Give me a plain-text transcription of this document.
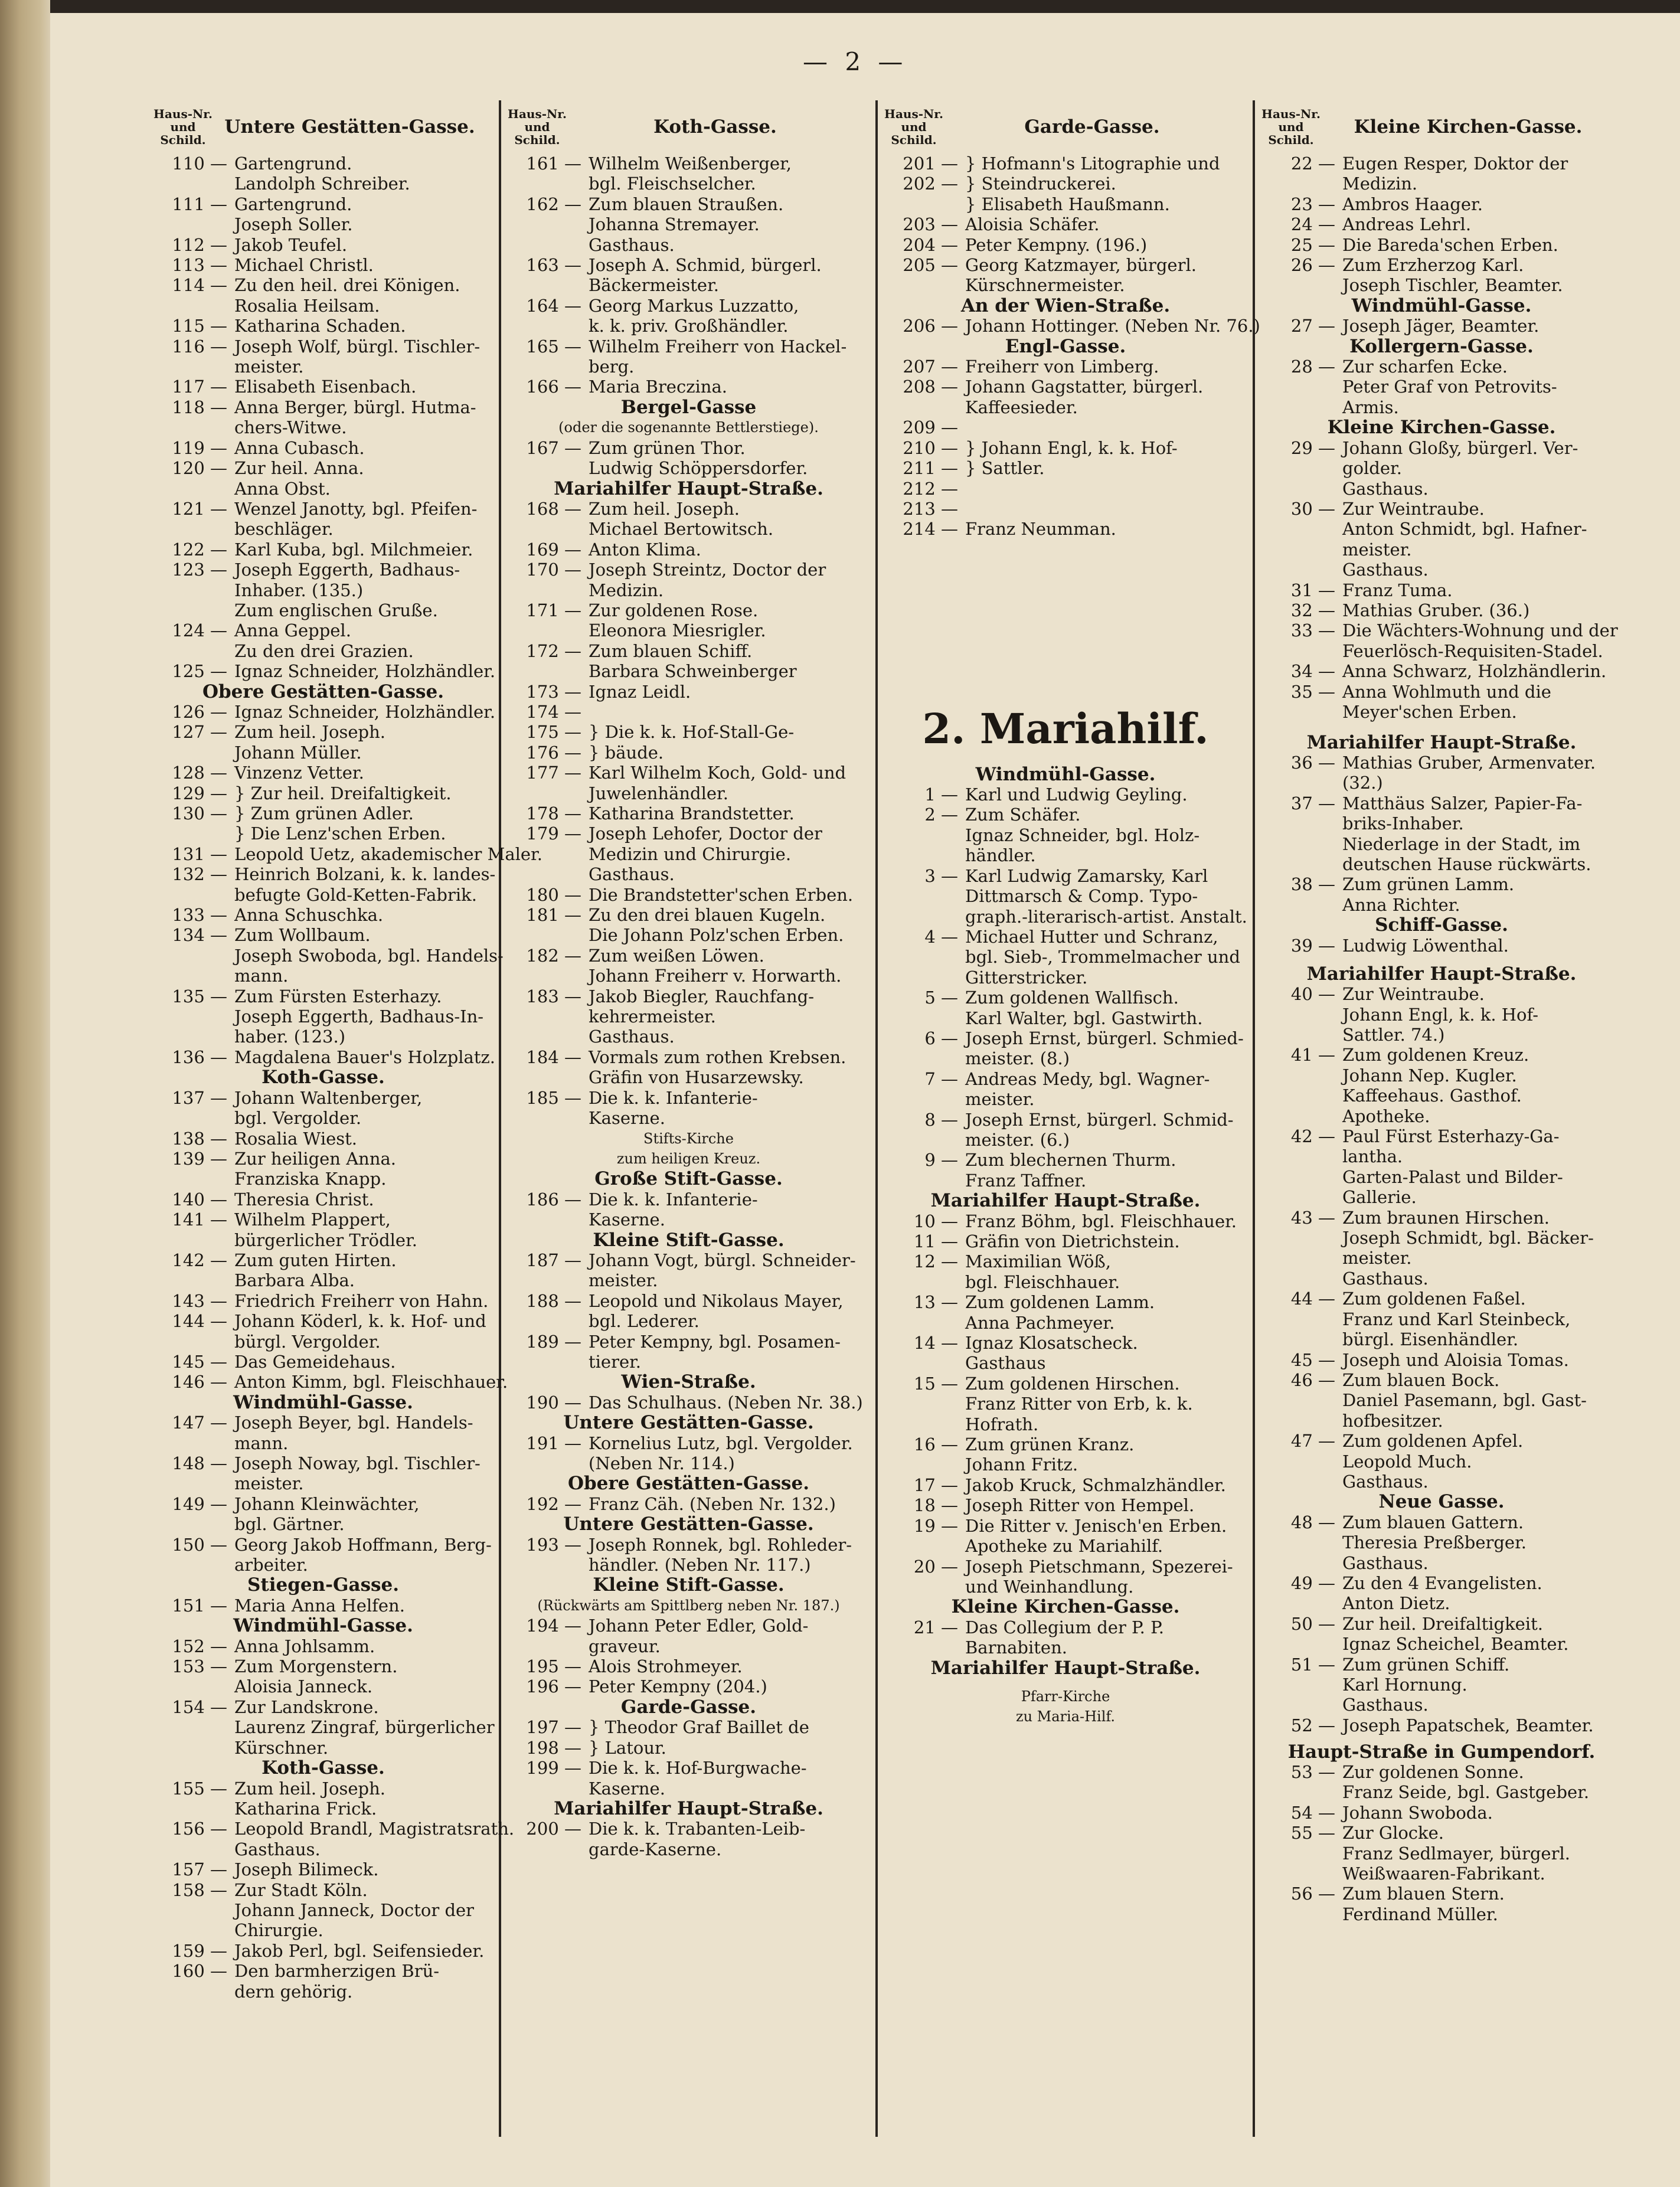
— 2 —
Haus-Nr. und Schild.
Untere Gestätten-Gasse.
110 — Gartengrund.
Landolph Schreiber.
111 — Gartengrund.
Joseph Soller.
112 — Jakob Teufel.
113 — Michael Christl.
114 — Zu den heil. drei Königen.
Rosalia Heilsam.
115 — Katharina Schaden.
116 — Joseph Wolf, bürgl. Tischler-
meister.
117 — Elisabeth Eisenbach.
118 — Anna Berger, bürgl. Hutma-
chers-Witwe.
119 — Anna Cubasch.
120 — Zur heil. Anna.
Anna Obst.
121 — Wenzel Janotty, bgl. Pfeifen-
beschläger.
122 — Karl Kuba, bgl. Milchmeier.
123 — Joseph Eggerth, Badhaus-
Inhaber. (135.)
Zum englischen Gruße.
124 — Anna Geppel.
Zu den drei Grazien.
125 — Ignaz Schneider, Holzhändler.
Obere Gestätten-Gasse.
126 — Ignaz Schneider, Holzhändler.
127 — Zum heil. Joseph.
Johann Müller.
128 — Vinzenz Vetter.
129 — } Zur heil. Dreifaltigkeit.
130 — } Zum grünen Adler.
} Die Lenz'schen Erben.
131 — Leopold Uetz, akademischer Maler.
132 — Heinrich Bolzani, k. k. landes-
befugte Gold-Ketten-Fabrik.
133 — Anna Schuschka.
134 — Zum Wollbaum.
Joseph Swoboda, bgl. Handels-
mann.
135 — Zum Fürsten Esterhazy.
Joseph Eggerth, Badhaus-In-
haber. (123.)
136 — Magdalena Bauer's Holzplatz.
Koth-Gasse.
137 — Johann Waltenberger,
bgl. Vergolder.
138 — Rosalia Wiest.
139 — Zur heiligen Anna.
Franziska Knapp.
140 — Theresia Christ.
141 — Wilhelm Plappert,
bürgerlicher Trödler.
142 — Zum guten Hirten.
Barbara Alba.
143 — Friedrich Freiherr von Hahn.
144 — Johann Köderl, k. k. Hof- und
bürgl. Vergolder.
145 — Das Gemeidehaus.
146 — Anton Kimm, bgl. Fleischhauer.
Windmühl-Gasse.
147 — Joseph Beyer, bgl. Handels-
mann.
148 — Joseph Noway, bgl. Tischler-
meister.
149 — Johann Kleinwächter,
bgl. Gärtner.
150 — Georg Jakob Hoffmann, Berg-
arbeiter.
Stiegen-Gasse.
151 — Maria Anna Helfen.
Windmühl-Gasse.
152 — Anna Johlsamm.
153 — Zum Morgenstern.
Aloisia Janneck.
154 — Zur Landskrone.
Laurenz Zingraf, bürgerlicher
Kürschner.
Koth-Gasse.
155 — Zum heil. Joseph.
Katharina Frick.
156 — Leopold Brandl, Magistratsrath.
Gasthaus.
157 — Joseph Bilimeck.
158 — Zur Stadt Köln.
Johann Janneck, Doctor der
Chirurgie.
159 — Jakob Perl, bgl. Seifensieder.
160 — Den barmherzigen Brü-
dern gehörig.
Haus-Nr. und Schild.
Koth-Gasse.
161 — Wilhelm Weißenberger,
bgl. Fleischselcher.
162 — Zum blauen Straußen.
Johanna Stremayer.
Gasthaus.
163 — Joseph A. Schmid, bürgerl.
Bäckermeister.
164 — Georg Markus Luzzatto,
k. k. priv. Großhändler.
165 — Wilhelm Freiherr von Hackel-
berg.
166 — Maria Breczina.
Bergel-Gasse
(oder die sogenannte Bettlerstiege).
167 — Zum grünen Thor.
Ludwig Schöppersdorfer.
Mariahilfer Haupt-Straße.
168 — Zum heil. Joseph.
Michael Bertowitsch.
169 — Anton Klima.
170 — Joseph Streintz, Doctor der
Medizin.
171 — Zur goldenen Rose.
Eleonora Miesrigler.
172 — Zum blauen Schiff.
Barbara Schweinberger
173 — Ignaz Leidl.
174 —
175 — } Die k. k. Hof-Stall-Ge-
176 — } bäude.
177 — Karl Wilhelm Koch, Gold- und
Juwelenhändler.
178 — Katharina Brandstetter.
179 — Joseph Lehofer, Doctor der
Medizin und Chirurgie.
Gasthaus.
180 — Die Brandstetter'schen Erben.
181 — Zu den drei blauen Kugeln.
Die Johann Polz'schen Erben.
182 — Zum weißen Löwen.
Johann Freiherr v. Horwarth.
183 — Jakob Biegler, Rauchfang-
kehrermeister.
Gasthaus.
184 — Vormals zum rothen Krebsen.
Gräfin von Husarzewsky.
185 — Die k. k. Infanterie-
Kaserne.
Stifts-Kirche
zum heiligen Kreuz.
Große Stift-Gasse.
186 — Die k. k. Infanterie-
Kaserne.
Kleine Stift-Gasse.
187 — Johann Vogt, bürgl. Schneider-
meister.
188 — Leopold und Nikolaus Mayer,
bgl. Lederer.
189 — Peter Kempny, bgl. Posamen-
tierer.
Wien-Straße.
190 — Das Schulhaus. (Neben Nr. 38.)
Untere Gestätten-Gasse.
191 — Kornelius Lutz, bgl. Vergolder.
(Neben Nr. 114.)
Obere Gestätten-Gasse.
192 — Franz Cäh. (Neben Nr. 132.)
Untere Gestätten-Gasse.
193 — Joseph Ronnek, bgl. Rohleder-
händler. (Neben Nr. 117.)
Kleine Stift-Gasse.
(Rückwärts am Spittlberg neben Nr. 187.)
194 — Johann Peter Edler, Gold-
graveur.
195 — Alois Strohmeyer.
196 — Peter Kempny (204.)
Garde-Gasse.
197 — } Theodor Graf Baillet de
198 — } Latour.
199 — Die k. k. Hof-Burgwache-
Kaserne.
Mariahilfer Haupt-Straße.
200 — Die k. k. Trabanten-Leib-
garde-Kaserne.
Haus-Nr. und Schild.
Garde-Gasse.
201 — } Hofmann's Litographie und
202 — } Steindruckerei.
} Elisabeth Haußmann.
203 — Aloisia Schäfer.
204 — Peter Kempny. (196.)
205 — Georg Katzmayer, bürgerl.
Kürschnermeister.
An der Wien-Straße.
206 — Johann Hottinger. (Neben Nr. 76.)
Engl-Gasse.
207 — Freiherr von Limberg.
208 — Johann Gagstatter, bürgerl.
Kaffeesieder.
209 —
210 — } Johann Engl, k. k. Hof-
211 — } Sattler.
212 —
213 —
214 — Franz Neumman.
2. Mariahilf.
Windmühl-Gasse.
1 — Karl und Ludwig Geyling.
2 — Zum Schäfer.
Ignaz Schneider, bgl. Holz-
händler.
3 — Karl Ludwig Zamarsky, Karl
Dittmarsch & Comp. Typo-
graph.-literarisch-artist. Anstalt.
4 — Michael Hutter und Schranz,
bgl. Sieb-, Trommelmacher und
Gitterstricker.
5 — Zum goldenen Wallfisch.
Karl Walter, bgl. Gastwirth.
6 — Joseph Ernst, bürgerl. Schmied-
meister. (8.)
7 — Andreas Medy, bgl. Wagner-
meister.
8 — Joseph Ernst, bürgerl. Schmid-
meister. (6.)
9 — Zum blechernen Thurm.
Franz Taffner.
Mariahilfer Haupt-Straße.
10 — Franz Böhm, bgl. Fleischhauer.
11 — Gräfin von Dietrichstein.
12 — Maximilian Wöß,
bgl. Fleischhauer.
13 — Zum goldenen Lamm.
Anna Pachmeyer.
14 — Ignaz Klosatscheck.
Gasthaus
15 — Zum goldenen Hirschen.
Franz Ritter von Erb, k. k.
Hofrath.
16 — Zum grünen Kranz.
Johann Fritz.
17 — Jakob Kruck, Schmalzhändler.
18 — Joseph Ritter von Hempel.
19 — Die Ritter v. Jenisch'en Erben.
Apotheke zu Mariahilf.
20 — Joseph Pietschmann, Spezerei-
und Weinhandlung.
Kleine Kirchen-Gasse.
21 — Das Collegium der P. P.
Barnabiten.
Mariahilfer Haupt-Straße.
Pfarr-Kirche
zu Maria-Hilf.
Haus-Nr. und Schild.
Kleine Kirchen-Gasse.
22 — Eugen Resper, Doktor der
Medizin.
23 — Ambros Haager.
24 — Andreas Lehrl.
25 — Die Bareda'schen Erben.
26 — Zum Erzherzog Karl.
Joseph Tischler, Beamter.
Windmühl-Gasse.
27 — Joseph Jäger, Beamter.
Kollergern-Gasse.
28 — Zur scharfen Ecke.
Peter Graf von Petrovits-
Armis.
Kleine Kirchen-Gasse.
29 — Johann Gloßy, bürgerl. Ver-
golder.
Gasthaus.
30 — Zur Weintraube.
Anton Schmidt, bgl. Hafner-
meister.
Gasthaus.
31 — Franz Tuma.
32 — Mathias Gruber. (36.)
33 — Die Wächters-Wohnung und der
Feuerlösch-Requisiten-Stadel.
34 — Anna Schwarz, Holzhändlerin.
35 — Anna Wohlmuth und die
Meyer'schen Erben.
Mariahilfer Haupt-Straße.
36 — Mathias Gruber, Armenvater.
(32.)
37 — Matthäus Salzer, Papier-Fa-
briks-Inhaber.
Niederlage in der Stadt, im
deutschen Hause rückwärts.
38 — Zum grünen Lamm.
Anna Richter.
Schiff-Gasse.
39 — Ludwig Löwenthal.
Mariahilfer Haupt-Straße.
40 — Zur Weintraube.
Johann Engl, k. k. Hof-
Sattler. 74.)
41 — Zum goldenen Kreuz.
Johann Nep. Kugler.
Kaffeehaus. Gasthof.
Apotheke.
42 — Paul Fürst Esterhazy-Ga-
lantha.
Garten-Palast und Bilder-
Gallerie.
43 — Zum braunen Hirschen.
Joseph Schmidt, bgl. Bäcker-
meister.
Gasthaus.
44 — Zum goldenen Faßel.
Franz und Karl Steinbeck,
bürgl. Eisenhändler.
45 — Joseph und Aloisia Tomas.
46 — Zum blauen Bock.
Daniel Pasemann, bgl. Gast-
hofbesitzer.
47 — Zum goldenen Apfel.
Leopold Much.
Gasthaus.
Neue Gasse.
48 — Zum blauen Gattern.
Theresia Preßberger.
Gasthaus.
49 — Zu den 4 Evangelisten.
Anton Dietz.
50 — Zur heil. Dreifaltigkeit.
Ignaz Scheichel, Beamter.
51 — Zum grünen Schiff.
Karl Hornung.
Gasthaus.
52 — Joseph Papatschek, Beamter.
Haupt-Straße in Gumpendorf.
53 — Zur goldenen Sonne.
Franz Seide, bgl. Gastgeber.
54 — Johann Swoboda.
55 — Zur Glocke.
Franz Sedlmayer, bürgerl.
Weißwaaren-Fabrikant.
56 — Zum blauen Stern.
Ferdinand Müller.
